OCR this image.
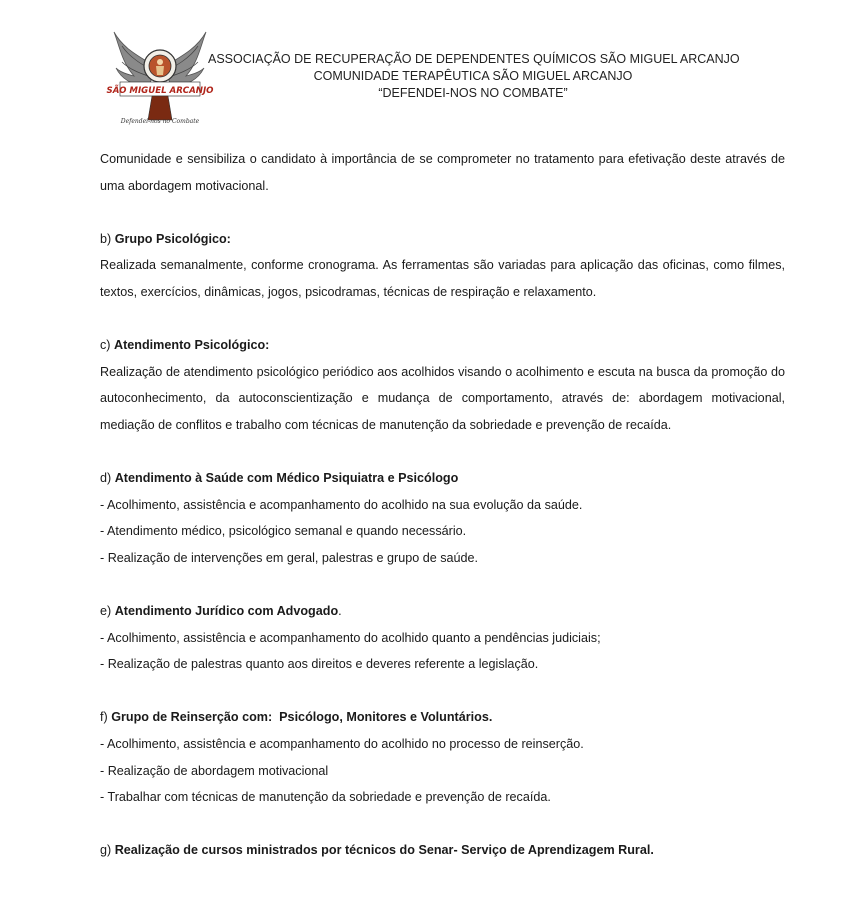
SÃO MIGUEL ARCANJO
Defendei-nos no Combate
ASSOCIAÇÃO DE RECUPERAÇÃO DE DEPENDENTES QUÍMICOS SÃO MIGUEL ARCANJO
COMUNIDADE TERAPÊUTICA SÃO MIGUEL ARCANJO
“DEFENDEI-NOS NO COMBATE”

Comunidade e sensibiliza o candidato à importância de se comprometer no tratamento para efetivação deste através de uma abordagem motivacional.

b) Grupo Psicológico:

Realizada semanalmente, conforme cronograma. As ferramentas são variadas para aplicação das oficinas, como filmes, textos, exercícios, dinâmicas, jogos, psicodramas, técnicas de respiração e relaxamento.

c) Atendimento Psicológico:

Realização de atendimento psicológico periódico aos acolhidos visando o acolhimento e escuta na busca da promoção do autoconhecimento, da autoconscientização e mudança de comportamento, através de: abordagem motivacional, mediação de conflitos e trabalho com técnicas de manutenção da sobriedade e prevenção de recaída.

d) Atendimento à Saúde com Médico Psiquiatra e Psicólogo

- Acolhimento, assistência e acompanhamento do acolhido na sua evolução da saúde.

- Atendimento médico, psicológico semanal e quando necessário.

- Realização de intervenções em geral, palestras e grupo de saúde.

e) Atendimento Jurídico com Advogado.

- Acolhimento, assistência e acompanhamento do acolhido quanto a pendências judiciais;

- Realização de palestras quanto aos direitos e deveres referente a legislação.

f) Grupo de Reinserção com:  Psicólogo, Monitores e Voluntários.

- Acolhimento, assistência e acompanhamento do acolhido no processo de reinserção.

- Realização de abordagem motivacional

- Trabalhar com técnicas de manutenção da sobriedade e prevenção de recaída.

g) Realização de cursos ministrados por técnicos do Senar- Serviço de Aprendizagem Rural.
